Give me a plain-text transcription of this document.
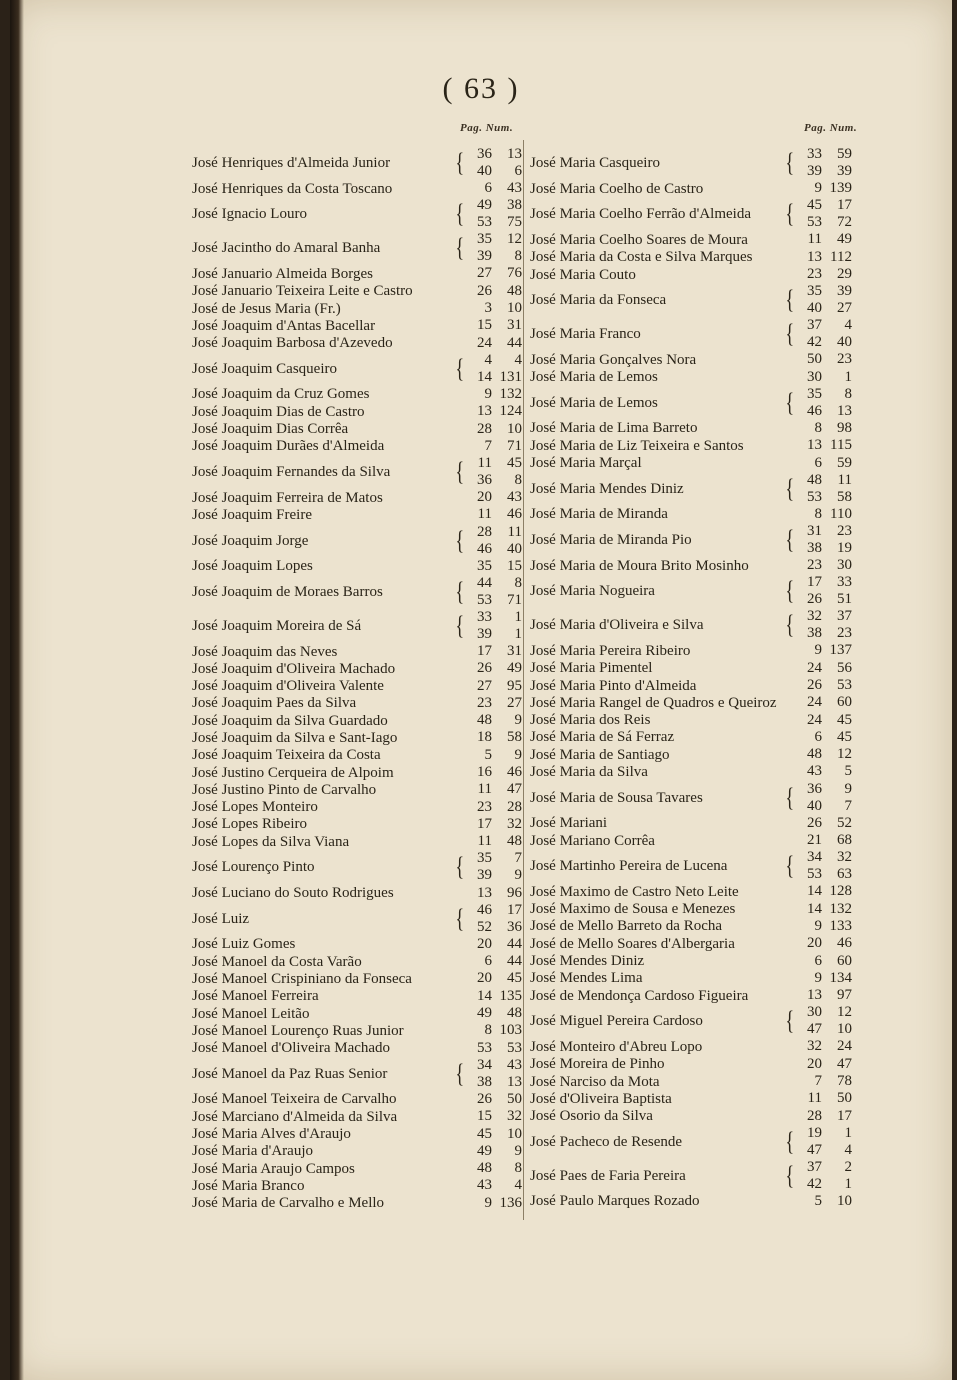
( 63 )
Pag. Num.	Pag. Num.
José Henriques d'Almeida Junior	{ 36	13
40	6
José Henriques da Costa Toscano	6	43
José Ignacio Louro	{ 49	38
53	75
José Jacintho do Amaral Banha	{ 35	12
39	8
José Januario Almeida Borges	27	76
José Januario Teixeira Leite e Castro	26	48
José de Jesus Maria (Fr.)	3	10
José Joaquim d'Antas Bacellar	15	31
José Joaquim Barbosa d'Azevedo	24	44
José Joaquim Casqueiro	{	4	4
14 131
José Joaquim da Cruz Gomes	9 132
José Joaquim Dias de Castro	13 124
José Joaquim Dias Corrêa	28	10
José Joaquim Durães d'Almeida	7	71
José Joaquim Fernandes da Silva	{ 11	45
36	8
José Joaquim Ferreira de Matos	20	43
José Joaquim Freire	11	46
José Joaquim Jorge	{ 28	11
46	40
José Joaquim Lopes	35	15
José Joaquim de Moraes Barros	{ 44	8
53	71
José Joaquim Moreira de Sá	{ 33	1
39	1
José Joaquim das Neves	17	31
José Joaquim d'Oliveira Machado	26	49
José Joaquim d'Oliveira Valente	27	95
José Joaquim Paes da Silva	23	27
José Joaquim da Silva Guardado	48	9
José Joaquim da Silva e Sant-Iago	18	58
José Joaquim Teixeira da Costa	5	9
José Justino Cerqueira de Alpoim	16	46
José Justino Pinto de Carvalho	11	47
José Lopes Monteiro	23	28
José Lopes Ribeiro	17	32
José Lopes da Silva Viana	11	48
José Lourenço Pinto	{ 35	7
39	9
José Luciano do Souto Rodrigues	13	96
José Luiz	{ 46	17
52	36
José Luiz Gomes	20	44
José Manoel da Costa Varão	6	44
José Manoel Crispiniano da Fonseca	20	45
José Manoel Ferreira	14 135
José Manoel Leitão	49	48
José Manoel Lourenço Ruas Junior	8 103
José Manoel d'Oliveira Machado	53	53
José Manoel da Paz Ruas Senior	{ 34	43
38	13
José Manoel Teixeira de Carvalho	26	50
José Marciano d'Almeida da Silva	15	32
José Maria Alves d'Araujo	45	10
José Maria d'Araujo	49	9
José Maria Araujo Campos	48	8
José Maria Branco	43	4
José Maria de Carvalho e Mello	9 136
José Maria Casqueiro	{ 33	59
39	39
José Maria Coelho de Castro	9 139
José Maria Coelho Ferrão d'Almeida	{ 45	17
53	72
José Maria Coelho Soares de Moura	11	49
José Maria da Costa e Silva Marques	13 112
José Maria Couto	23	29
José Maria da Fonseca	{ 35	39
40	27
José Maria Franco	{ 37	4
42	40
José Maria Gonçalves Nora	50	23
José Maria de Lemos	30	1
José Maria de Lemos	{ 35	8
46	13
José Maria de Lima Barreto	8	98
José Maria de Liz Teixeira e Santos	13 115
José Maria Marçal	6	59
José Maria Mendes Diniz	{ 48	11
53	58
José Maria de Miranda	8 110
José Maria de Miranda Pio	{ 31	23
38	19
José Maria de Moura Brito Mosinho	23	30
José Maria Nogueira	{ 17	33
26	51
José Maria d'Oliveira e Silva	{ 32	37
38	23
José Maria Pereira Ribeiro	9 137
José Maria Pimentel	24	56
José Maria Pinto d'Almeida	26	53
José Maria Rangel de Quadros e Queiroz	24	60
José Maria dos Reis	24	45
José Maria de Sá Ferraz	6	45
José Maria de Santiago	48	12
José Maria da Silva	43	5
José Maria de Sousa Tavares	{ 36	9
40	7
José Mariani	26	52
José Mariano Corrêa	21	68
José Martinho Pereira de Lucena	{ 34	32
53	63
José Maximo de Castro Neto Leite	14 128
José Maximo de Sousa e Menezes	14 132
José de Mello Barreto da Rocha	9 133
José de Mello Soares d'Albergaria	20	46
José Mendes Diniz	6	60
José Mendes Lima	9 134
José de Mendonça Cardoso Figueira	13	97
José Miguel Pereira Cardoso	{ 30	12
47	10
José Monteiro d'Abreu Lopo	32	24
José Moreira de Pinho	20	47
José Narciso da Mota	7	78
José d'Oliveira Baptista	11	50
José Osorio da Silva	28	17
José Pacheco de Resende	{ 19	1
47	4
José Paes de Faria Pereira	{ 37	2
42	1
José Paulo Marques Rozado	5	10
